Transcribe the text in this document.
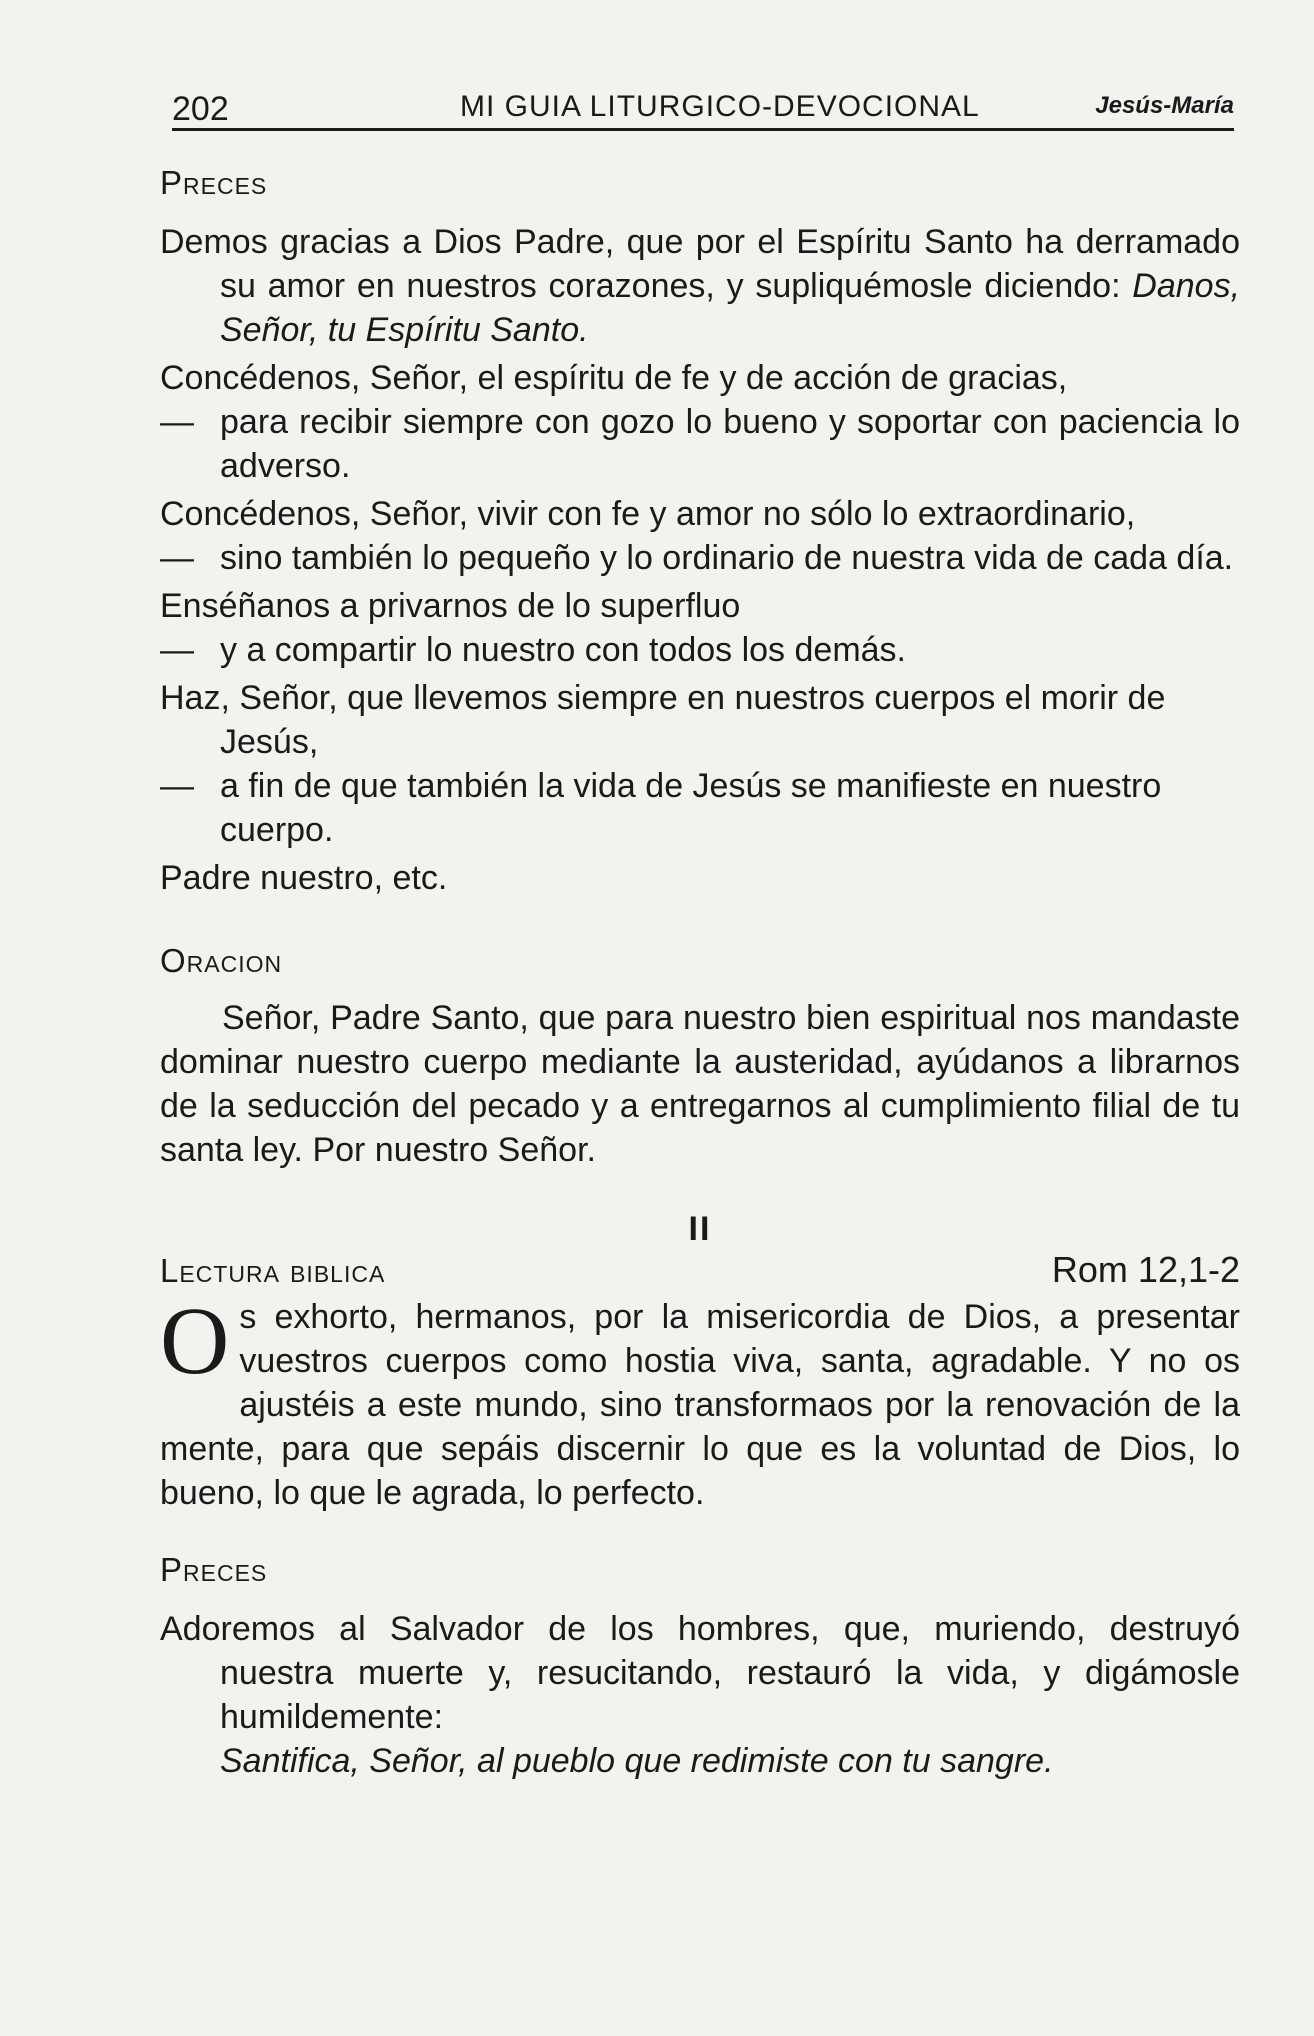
202	MI GUIA LITURGICO-DEVOCIONAL	Jesús-María

Preces

Demos gracias a Dios Padre, que por el Espíritu Santo ha derramado su amor en nuestros corazones, y supliquémosle diciendo: Danos, Señor, tu Espíritu Santo.

Concédenos, Señor, el espíritu de fe y de acción de gracias,

— para recibir siempre con gozo lo bueno y soportar con paciencia lo adverso.

Concédenos, Señor, vivir con fe y amor no sólo lo extraordinario,

— sino también lo pequeño y lo ordinario de nuestra vida de cada día.

Enséñanos a privarnos de lo superfluo

— y a compartir lo nuestro con todos los demás.

Haz, Señor, que llevemos siempre en nuestros cuerpos el morir de Jesús,

— a fin de que también la vida de Jesús se manifieste en nuestro cuerpo.

Padre nuestro, etc.

Oracion

Señor, Padre Santo, que para nuestro bien espiritual nos mandaste dominar nuestro cuerpo mediante la austeridad, ayúdanos a librarnos de la seducción del pecado y a entregarnos al cumplimiento filial de tu santa ley. Por nuestro Señor.

II

Lectura biblica	Rom 12,1-2
O s exhorto, hermanos, por la misericordia de Dios, a presentar vuestros cuerpos como hostia viva, santa, agradable. Y no os ajustéis a este mundo, sino transformaos por la renovación de la mente, para que sepáis discernir lo que es la voluntad de Dios, lo bueno, lo que le agrada, lo perfecto.

Preces

Adoremos al Salvador de los hombres, que, muriendo, destruyó nuestra muerte y, resucitando, restauró la vida, y digámosle humildemente:

Santifica, Señor, al pueblo que redimiste con tu sangre.
